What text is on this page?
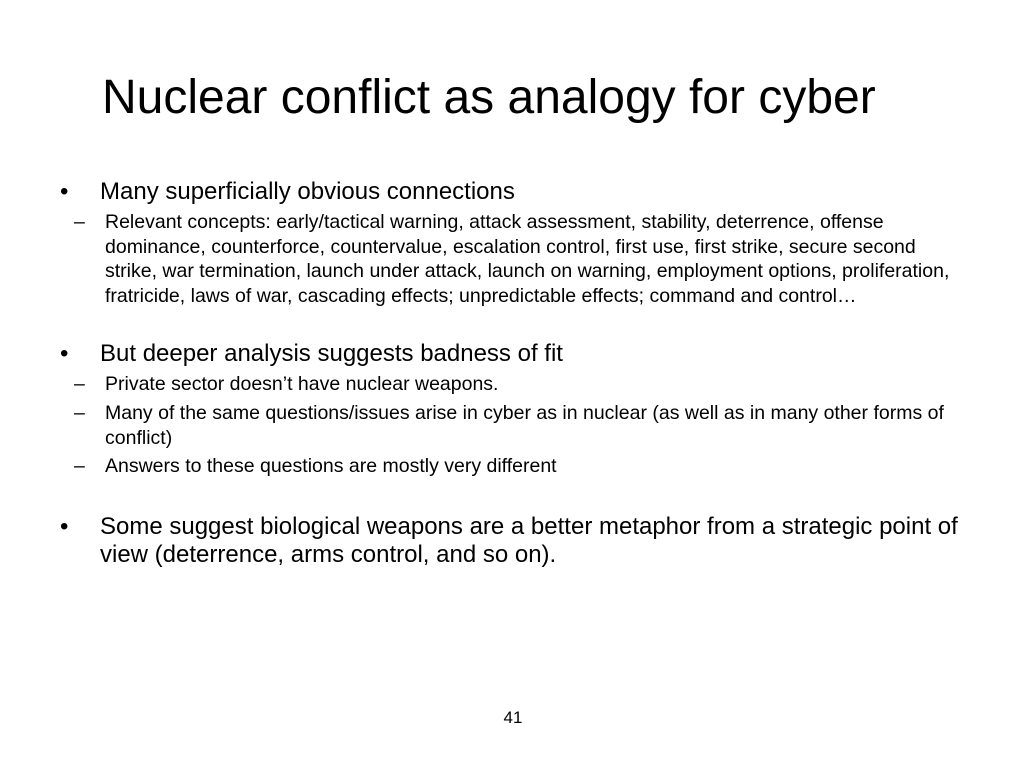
Nuclear conflict as analogy for cyber
•	Many superficially obvious connections
– Relevant concepts: early/tactical warning, attack assessment, stability, deterrence, offense dominance, counterforce, countervalue, escalation control, first use, first strike, secure second strike, war termination, launch under attack, launch on warning, employment options, proliferation, fratricide, laws of war, cascading effects; unpredictable effects; command and control…
•	But deeper analysis suggests badness of fit
– Private sector doesn’t have nuclear weapons.
– Many of the same questions/issues arise in cyber as in nuclear (as well as in many other forms of conflict)
– Answers to these questions are mostly very different
•	Some suggest biological weapons are a better metaphor from a strategic point of view (deterrence, arms control, and so on).
41
